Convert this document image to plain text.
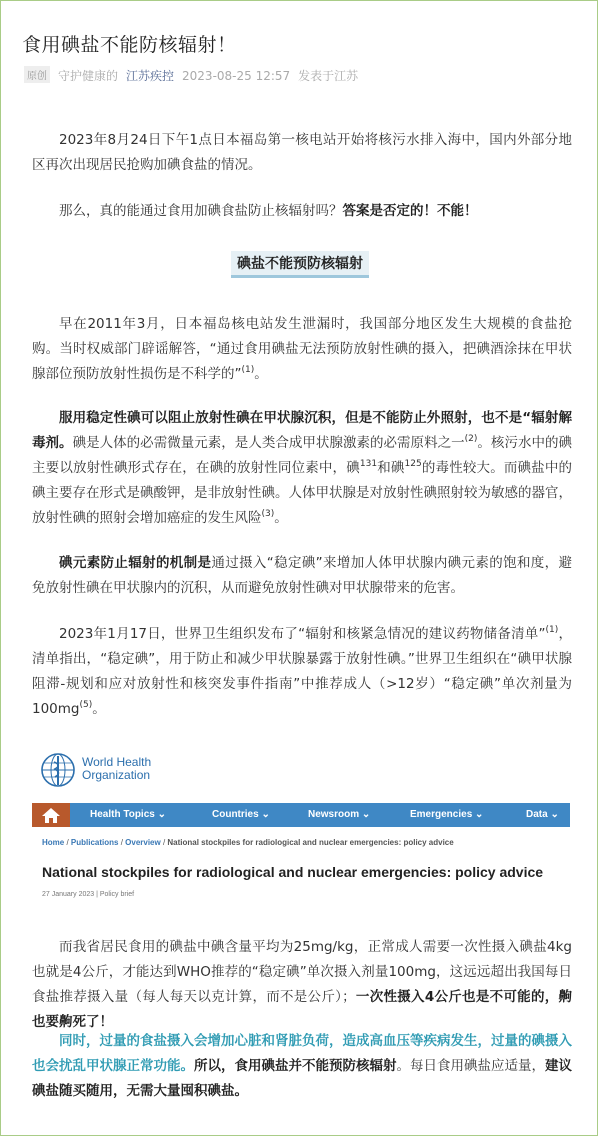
食用碘盐不能防核辐射！
原创 守护健康的 江苏疾控 2023-08-25 12:57 发表于江苏
2023年8月24日下午1点日本福岛第一核电站开始将核污水排入海中，国内外部分地区再次出现居民抢购加碘食盐的情况。
那么，真的能通过食用加碘食盐防止核辐射吗？答案是否定的！不能！
碘盐不能预防核辐射
早在2011年3月，日本福岛核电站发生泄漏时，我国部分地区发生大规模的食盐抢购。当时权威部门辟谣解答，“通过食用碘盐无法预防放射性碘的摄入，把碘酒涂抹在甲状腺部位预防放射性损伤是不科学的”$^{(1)}$。
服用稳定性碘可以阻止放射性碘在甲状腺沉积，但是不能防止外照射，也不是“辐射解毒剂。碘是人体的必需微量元素，是人类合成甲状腺激素的必需原料之一$^{(2)}$。核污水中的碘主要以放射性碘形式存在，在碘的放射性同位素中，碘$^{131}$和碘$^{125}$的毒性较大。而碘盐中的碘主要存在形式是碘酸钾，是非放射性碘。人体甲状腺是对放射性碘照射较为敏感的器官，放射性碘的照射会增加癌症的发生风险$^{(3)}$。
碘元素防止辐射的机制是通过摄入“稳定碘”来增加人体甲状腺内碘元素的饱和度，避免放射性碘在甲状腺内的沉积，从而避免放射性碘对甲状腺带来的危害。
2023年1月17日，世界卫生组织发布了“辐射和核紧急情况的建议药物储备清单”$^{(1)}$，清单指出，“稳定碘”，用于防止和减少甲状腺暴露于放射性碘。”世界卫生组织在“碘甲状腺阻滞-规划和应对放射性和核突发事件指南”中推荐成人（>12岁）“稳定碘”单次剂量为$100mg^{(5)}$。
World Health
Organization
Health Topics ⌄	Countries ⌄	Newsroom ⌄	Emergencies ⌄	Data ⌄
Home / Publications / Overview / National stockpiles for radiological and nuclear emergencies: policy advice
National stockpiles for radiological and nuclear emergencies: policy advice
27 January 2023 | Policy brief
而我省居民食用的碘盐中碘含量平均为25mg/kg，正常成人需要一次性摄入碘盐4kg也就是4公斤，才能达到WHO推荐的“稳定碘”单次摄入剂量100mg，这远远超出我国每日食盐推荐摄入量（每人每天以克计算，而不是公斤）；一次性摄入4公斤也是不可能的，齁也要齁死了！
同时，过量的食盐摄入会增加心脏和肾脏负荷，造成高血压等疾病发生，过量的碘摄入也会扰乱甲状腺正常功能。所以，食用碘盐并不能预防核辐射。每日食用碘盐应适量，建议碘盐随买随用，无需大量囤积碘盐。
